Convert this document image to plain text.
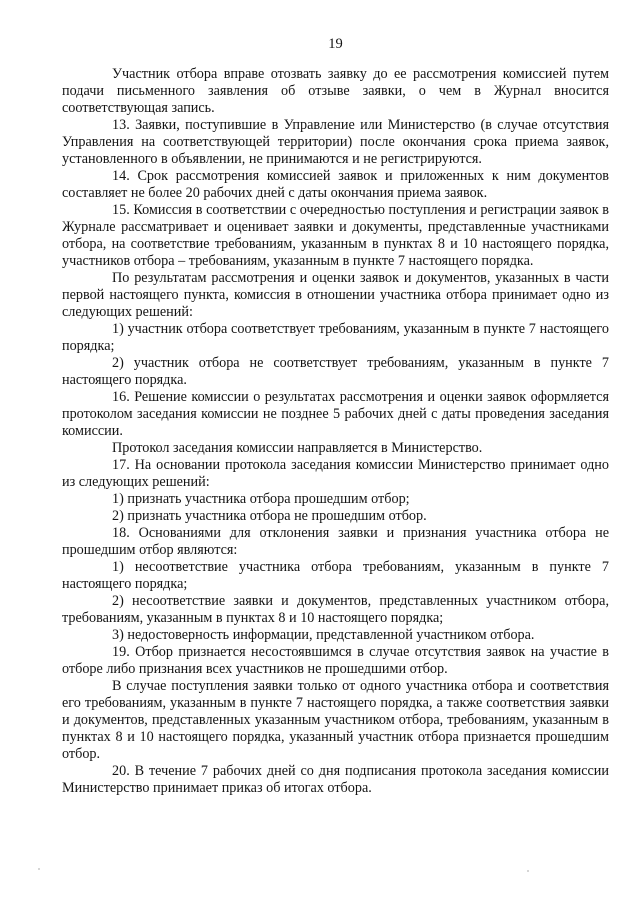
19

Участник отбора вправе отозвать заявку до ее рассмотрения комиссией путем подачи письменного заявления об отзыве заявки, о чем в Журнал вносится соответствующая запись.

13. Заявки, поступившие в Управление или Министерство (в случае отсутствия Управления на соответствующей территории) после окончания срока приема заявок, установленного в объявлении, не принимаются и не регистрируются.

14. Срок рассмотрения комиссией заявок и приложенных к ним документов составляет не более 20 рабочих дней с даты окончания приема заявок.

15. Комиссия в соответствии с очередностью поступления и регистрации заявок в Журнале рассматривает и оценивает заявки и документы, представленные участниками отбора, на соответствие требованиям, указанным в пунктах 8 и 10 настоящего порядка, участников отбора – требованиям, указанным в пункте 7 настоящего порядка.

По результатам рассмотрения и оценки заявок и документов, указанных в части первой настоящего пункта, комиссия в отношении участника отбора принимает одно из следующих решений:

1) участник отбора соответствует требованиям, указанным в пункте 7 настоящего порядка;

2) участник отбора не соответствует требованиям, указанным в пункте 7 настоящего порядка.

16. Решение комиссии о результатах рассмотрения и оценки заявок оформляется протоколом заседания комиссии не позднее 5 рабочих дней с даты проведения заседания комиссии.

Протокол заседания комиссии направляется в Министерство.

17. На основании протокола заседания комиссии Министерство принимает одно из следующих решений:

1) признать участника отбора прошедшим отбор;

2) признать участника отбора не прошедшим отбор.

18. Основаниями для отклонения заявки и признания участника отбора не прошедшим отбор являются:

1) несоответствие участника отбора требованиям, указанным в пункте 7 настоящего порядка;

2) несоответствие заявки и документов, представленных участником отбора, требованиям, указанным в пунктах 8 и 10 настоящего порядка;

3) недостоверность информации, представленной участником отбора.

19. Отбор признается несостоявшимся в случае отсутствия заявок на участие в отборе либо признания всех участников не прошедшими отбор.

В случае поступления заявки только от одного участника отбора и соответствия его требованиям, указанным в пункте 7 настоящего порядка, а также соответствия заявки и документов, представленных указанным участником отбора, требованиям, указанным в пунктах 8 и 10 настоящего порядка, указанный участник отбора признается прошедшим отбор.

20. В течение 7 рабочих дней со дня подписания протокола заседания комиссии Министерство принимает приказ об итогах отбора.
